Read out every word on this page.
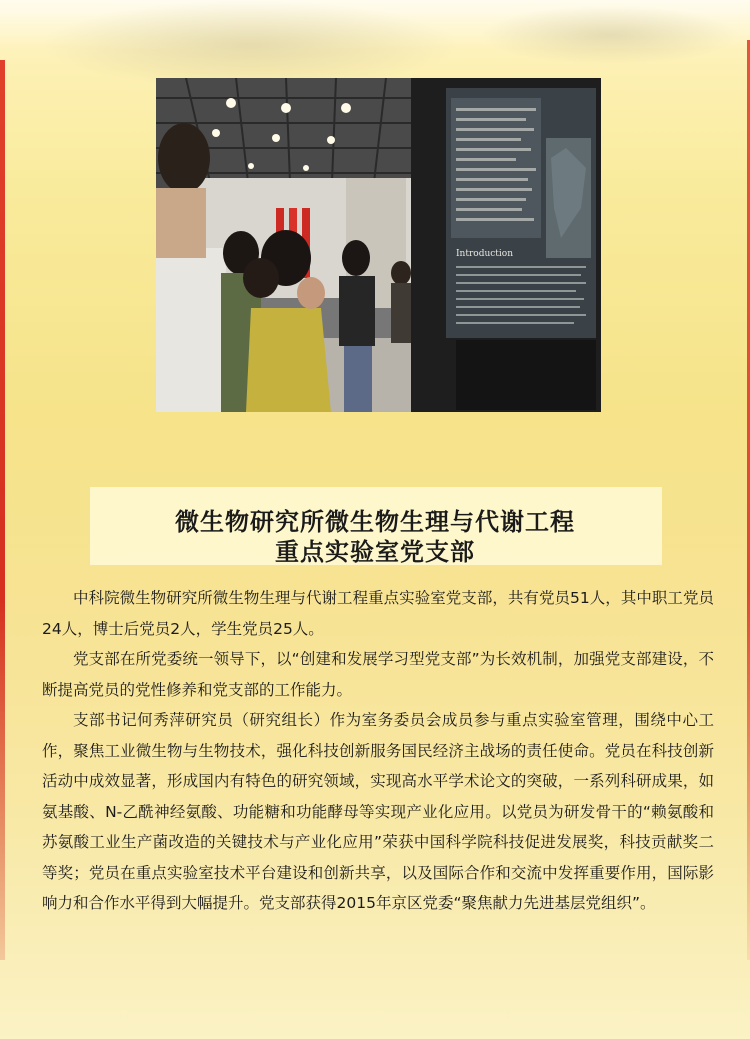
Introduction
微生物研究所微生物生理与代谢工程
重点实验室党支部

中科院微生物研究所微生物生理与代谢工程重点实验室党支部，共有党员51人，其中职工党员24人，博士后党员2人，学生党员25人。

党支部在所党委统一领导下，以“创建和发展学习型党支部”为长效机制，加强党支部建设，不断提高党员的党性修养和党支部的工作能力。

支部书记何秀萍研究员（研究组长）作为室务委员会成员参与重点实验室管理，围绕中心工作，聚焦工业微生物与生物技术，强化科技创新服务国民经济主战场的责任使命。党员在科技创新活动中成效显著，形成国内有特色的研究领域，实现高水平学术论文的突破，一系列科研成果，如氨基酸、N-乙酰神经氨酸、功能糖和功能酵母等实现产业化应用。以党员为研发骨干的“赖氨酸和苏氨酸工业生产菌改造的关键技术与产业化应用”荣获中国科学院科技促进发展奖，科技贡献奖二等奖；党员在重点实验室技术平台建设和创新共享，以及国际合作和交流中发挥重要作用，国际影响力和合作水平得到大幅提升。党支部获得2015年京区党委“聚焦献力先进基层党组织”。
